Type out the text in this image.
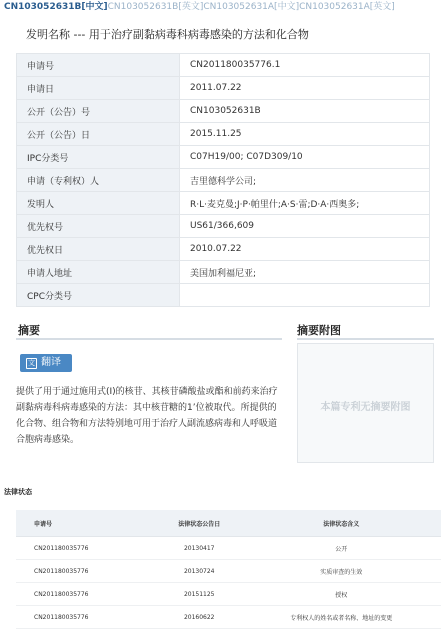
CN103052631B[中文]CN103052631B[英文]CN103052631A[中文]CN103052631A[英文]
发明名称 --- 用于治疗副黏病毒科病毒感染的方法和化合物
申请号	CN201180035776.1
申请日	2011.07.22
公开（公告）号	CN103052631B
公开（公告）日	2015.11.25
IPC分类号	C07H19/00; C07D309/10
申请（专利权）人	吉里德科学公司;
发明人	R·L·麦克曼;J·P·帕里什;A·S·雷;D·A·西奥多;
优先权号	US61/366,609
优先权日	2010.07.22
申请人地址	美国加利福尼亚;
CPC分类号	
摘要
文 翻译
提供了用于通过施用式(I)的核苷、其核苷磷酸盐或酯和前药来治疗副黏病毒科病毒感染的方法：其中核苷糖的1’位被取代。所提供的化合物、组合物和方法特别地可用于治疗人副流感病毒和人呼吸道合胞病毒感染。
摘要附图
本篇专利无摘要附图
法律状态
申请号	法律状态公告日	法律状态含义
CN201180035776	20130417	公开
CN201180035776	20130724	实质审查的生效
CN201180035776	20151125	授权
CN201180035776	20160622	专利权人的姓名或者名称、地址的变更
